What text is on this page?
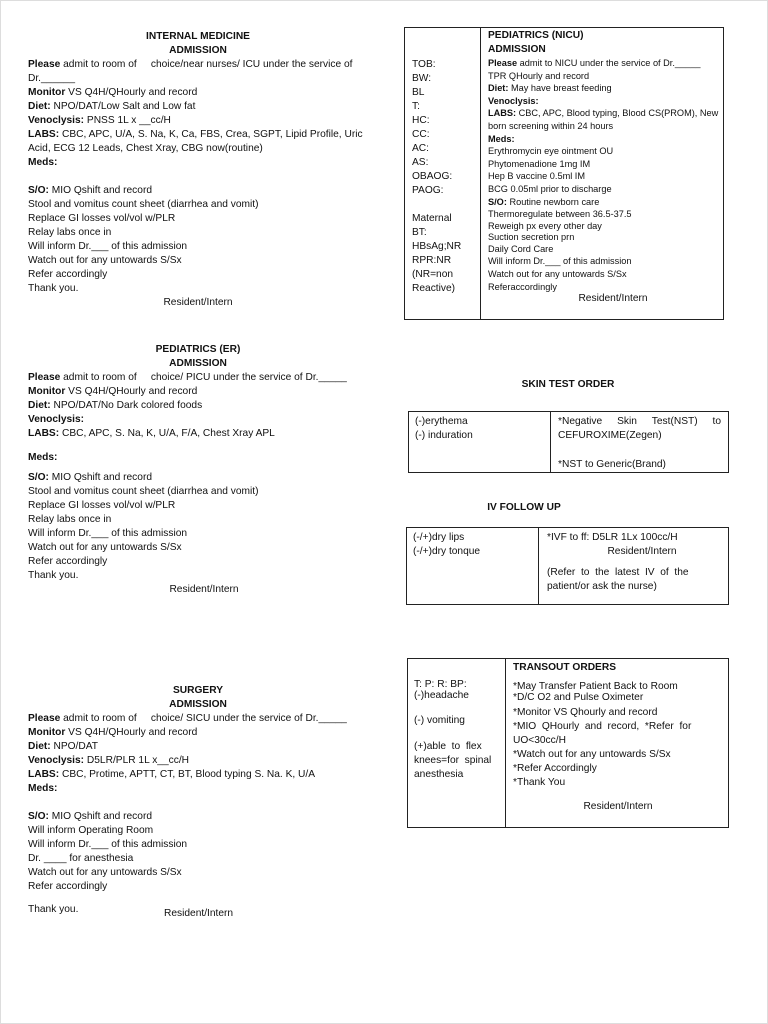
INTERNAL MEDICINE
ADMISSION
Please admit to room of     choice/near nurses/ ICU under the service of
Dr.______
Monitor VS Q4H/QHourly and record
Diet: NPO/DAT/Low Salt and Low fat
Venoclysis: PNSS 1L x __cc/H
LABS: CBC, APC, U/A, S. Na, K, Ca, FBS, Crea, SGPT, Lipid Profile, Uric
Acid, ECG 12 Leads, Chest Xray, CBG now(routine)
Meds:
S/O: MIO Qshift and record
Stool and vomitus count sheet (diarrhea and vomit)
Replace GI losses vol/vol w/PLR
Relay labs once in
Will inform Dr.___ of this admission
Watch out for any untowards S/Sx
Refer accordingly
Thank you.
Resident/Intern
TOB:
BW:
BL
T:
HC:
CC:
AC:
AS:
OBAOG:
PAOG:
Maternal
BT:
HBsAg;NR
RPR:NR
(NR=non
Reactive)
PEDIATRICS (NICU)
ADMISSION
Please admit to NICU under the service of Dr._____
TPR QHourly and record
Diet: May have breast feeding
Venoclysis:
LABS: CBC, APC, Blood typing, Blood CS(PROM), New
born screening within 24 hours
Meds:
Erythromycin eye ointment OU
Phytomenadione 1mg IM
Hep B vaccine 0.5ml IM
BCG 0.05ml prior to discharge
S/O: Routine newborn care
Thermoregulate between 36.5-37.5
Reweigh px every other day
Suction secretion prn
Daily Cord Care
Will inform Dr.___ of this admission
Watch out for any untowards S/Sx
Referaccordingly
Resident/Intern
PEDIATRICS (ER)
ADMISSION
Please admit to room of     choice/ PICU under the service of Dr._____
Monitor VS Q4H/QHourly and record
Diet: NPO/DAT/No Dark colored foods
Venoclysis:
LABS: CBC, APC, S. Na, K, U/A, F/A, Chest Xray APL
Meds:
S/O: MIO Qshift and record
Stool and vomitus count sheet (diarrhea and vomit)
Replace GI losses vol/vol w/PLR
Relay labs once in
Will inform Dr.___ of this admission
Watch out for any untowards S/Sx
Refer accordingly
Thank you.
Resident/Intern
SKIN TEST ORDER
(-)erythema
(-) induration
*Negative Skin Test(NST) to
CEFUROXIME(Zegen)
*NST to Generic(Brand)
IV FOLLOW UP
(-/+)dry lips
(-/+)dry tonque
*IVF to ff: D5LR 1Lx 100cc/H
Resident/Intern
(Refer  to  the  latest  IV  of  the
patient/or ask the nurse)
SURGERY
ADMISSION
Please admit to room of     choice/ SICU under the service of Dr._____
Monitor VS Q4H/QHourly and record
Diet: NPO/DAT
Venoclysis: D5LR/PLR 1L x__cc/H
LABS: CBC, Protime, APTT, CT, BT, Blood typing S. Na. K, U/A
Meds:
S/O: MIO Qshift and record
Will inform Operating Room
Will inform Dr.___ of this admission
Dr. ____ for anesthesia
Watch out for any untowards S/Sx
Refer accordingly
Thank you.	Resident/Intern
T: P: R: BP:
(-)headache
(-) vomiting
(+)able  to  flex
knees=for  spinal
anesthesia
TRANSOUT ORDERS
*May Transfer Patient Back to Room
*D/C O2 and Pulse Oximeter
*Monitor VS Qhourly and record
*MIO  QHourly  and  record,  *Refer  for
UO<30cc/H
*Watch out for any untowards S/Sx
*Refer Accordingly
*Thank You
Resident/Intern
